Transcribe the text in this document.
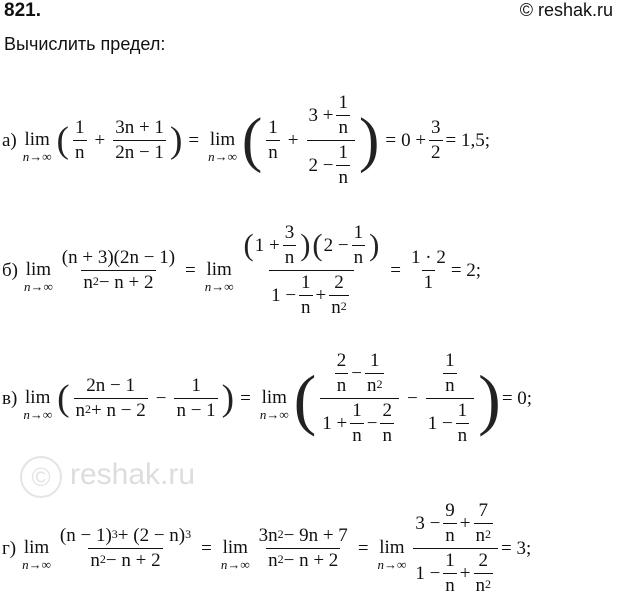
© reshak.ru
821.	© reshak.ru
Вычислить предел:
а) lim
n→∞ ( $\frac{1}{n} + \frac{3n + 1}{2n - 1}$ ) = lim
n→∞ ( $\frac{1}{n} + \frac{3 + \frac{1}{n}}{2 - \frac{1}{n}}$ ) = $0 + \frac{3}{2} = 1,5$;
б) lim
$n\to\infty \frac{(n + 3)(2n - 1)}{n^2 - n + 2} = \lim$
$n\to\infty \frac{( 1 + \frac{3}{n} ) ( 2 - \frac{1}{n} )}{1 - \frac{1}{n} + \frac{2}{n^2}} = \frac{1 \cdot 2}{1} = 2$;
в) lim
n→∞ ( $\frac{2n - 1}{n^2 + n - 2} - \frac{1}{n - 1}$ ) = lim
n→∞ ( $\frac{\frac{2}{n} - \frac{1}{n^2}}{1 + \frac{1}{n} - \frac{2}{n}} - \frac{\frac{1}{n}}{1 - \frac{1}{n}}$ ) = 0;
г) lim
$n\to\infty \frac{(n - 1)^3 + (2 - n)^3}{n^2 - n + 2} = \lim$
$n\to\infty \frac{3 n^2 - 9n + 7}{n^2 - n + 2} = \lim$
$n\to\infty \frac{3 - \frac{9}{n} + \frac{7}{n^2}}{1 - \frac{1}{n} + \frac{2}{n^2}} = 3$;
